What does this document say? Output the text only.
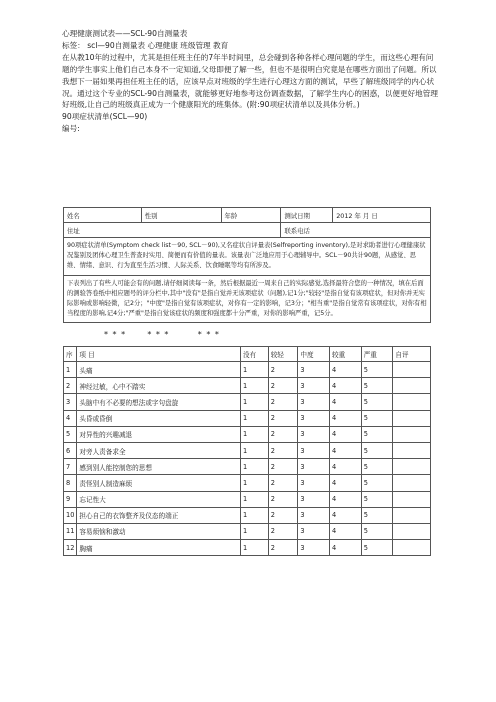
心理健康测试表——SCL-90自测量表

标签： scl—90自测量表 心理健康 班级管理 教育

在从教10年的过程中，尤其是担任班主任的7年半时间里，总会碰到各种各样心理问题的学生，而这些心理有问题的学生事实上他们自己本身不一定知道,父母即便了解一些，但也不是很明白究竟是在哪些方面出了问题。所以我想下一届如果再担任班主任的话，应该早点对班级的学生进行心理这方面的测试，早些了解班级同学的内心状况。通过这个专业的SCL-90自测量表，就能够更好地参考这份调查数据，了解学生内心的困惑，以便更好地管理好班级,让自己的班级真正成为一个健康阳光的班集体。(附:90项症状清单以及具体分析。)

90项症状清单(SCL—90)

编号:

姓名	性别	年龄	测试日期	2012 年 月 日
住址			联系电话	
90项症状清单(Symptom check list－90, SCL－90),又名症状自评量表(Selfreporting inventory),是对求助者进行心理健康状况鉴别及团体心理卫生普查时实用、简便而有价值的量表。该量表广泛地应用于心理辅导中。SCL－90共计90题，从感觉、思维、情绪、意识、行为直至生活习惯、人际关系、饮食睡眠等均有所涉及。				
下表列出了有些人可能会有的问题,请仔细阅读每一条，然后根据最近一周来自己的实际感觉,选择最符合您的一种情况，填在后面的测验答卷纸中相应题号的评分栏中,其中"没有"是指自觉并无该项症状（问题),记1分;"较轻"是指自觉有该项症状，但对你并无实际影响或影响轻微，记2分；"中度"是指自觉有该项症状，对你有一定的影响，记3分；"相当重"是指自觉常有该项症状，对你有相当程度的影响,记4分;"严重"是指自觉该症状的频度和强度都十分严重，对你的影响严重，记5分。				
* * *      * * *        * * *
序	项 目	没有	较轻	中度	较重	严重	自评
1	头痛	1	2	3	4	5	
2	神经过敏，心中不踏实	1	2	3	4	5	
3	头脑中有不必要的想法或字句盘旋	1	2	3	4	5	
4	头昏或昏倒	1	2	3	4	5	
5	对异性的兴趣减退	1	2	3	4	5	
6	对旁人责备求全	1	2	3	4	5	
7	感到别人能控制您的思想	1	2	3	4	5	
8	责怪别人制造麻烦	1	2	3	4	5	
9	忘记性大	1	2	3	4	5	
10	担心自己的衣饰整齐及仪态的端正	1	2	3	4	5	
11	容易烦恼和激动	1	2	3	4	5	
12	胸痛	1	2	3	4	5	
